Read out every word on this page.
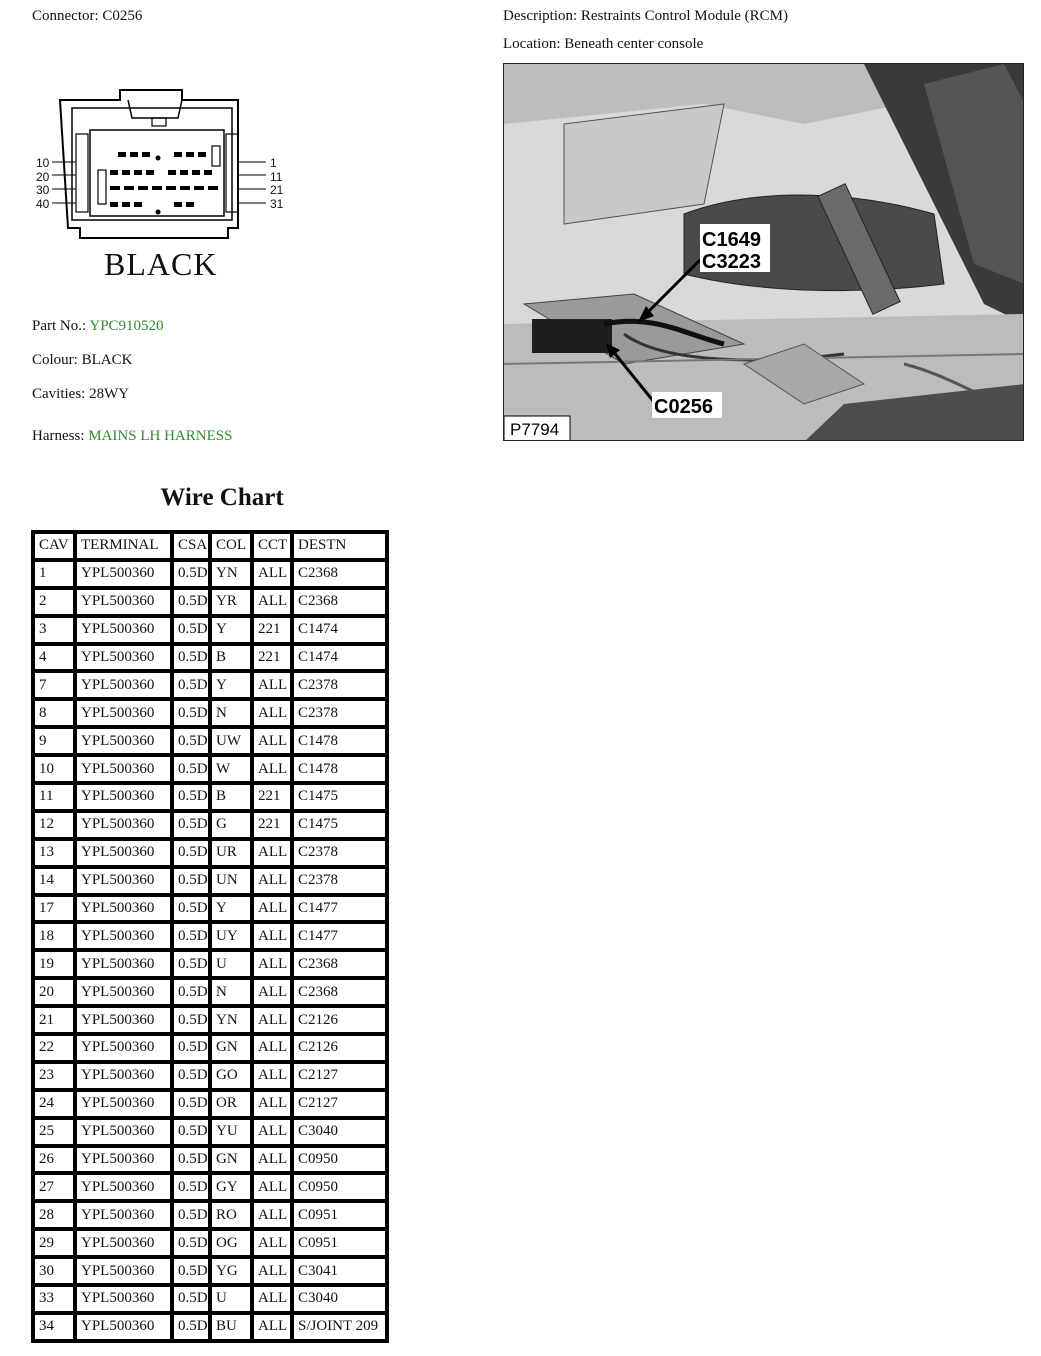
Connector: C0256	Description: Restraints Control Module (RCM)
Location: Beneath center console
10
20
30
40
1
11
21
31
BLACK
C1649
C3223
C0256
P7794
Part No.: YPC910520
Colour: BLACK
Cavities: 28WY
Harness: MAINS LH HARNESS
Wire Chart
CAV	TERMINAL	CSA	COL	CCT	DESTN
1	YPL500360	0.5D	YN	ALL	C2368
2	YPL500360	0.5D	YR	ALL	C2368
3	YPL500360	0.5D	Y	221	C1474
4	YPL500360	0.5D	B	221	C1474
7	YPL500360	0.5D	Y	ALL	C2378
8	YPL500360	0.5D	N	ALL	C2378
9	YPL500360	0.5D	UW	ALL	C1478
10	YPL500360	0.5D	W	ALL	C1478
11	YPL500360	0.5D	B	221	C1475
12	YPL500360	0.5D	G	221	C1475
13	YPL500360	0.5D	UR	ALL	C2378
14	YPL500360	0.5D	UN	ALL	C2378
17	YPL500360	0.5D	Y	ALL	C1477
18	YPL500360	0.5D	UY	ALL	C1477
19	YPL500360	0.5D	U	ALL	C2368
20	YPL500360	0.5D	N	ALL	C2368
21	YPL500360	0.5D	YN	ALL	C2126
22	YPL500360	0.5D	GN	ALL	C2126
23	YPL500360	0.5D	GO	ALL	C2127
24	YPL500360	0.5D	OR	ALL	C2127
25	YPL500360	0.5D	YU	ALL	C3040
26	YPL500360	0.5D	GN	ALL	C0950
27	YPL500360	0.5D	GY	ALL	C0950
28	YPL500360	0.5D	RO	ALL	C0951
29	YPL500360	0.5D	OG	ALL	C0951
30	YPL500360	0.5D	YG	ALL	C3041
33	YPL500360	0.5D	U	ALL	C3040
34	YPL500360	0.5D	BU	ALL	S/JOINT 209
